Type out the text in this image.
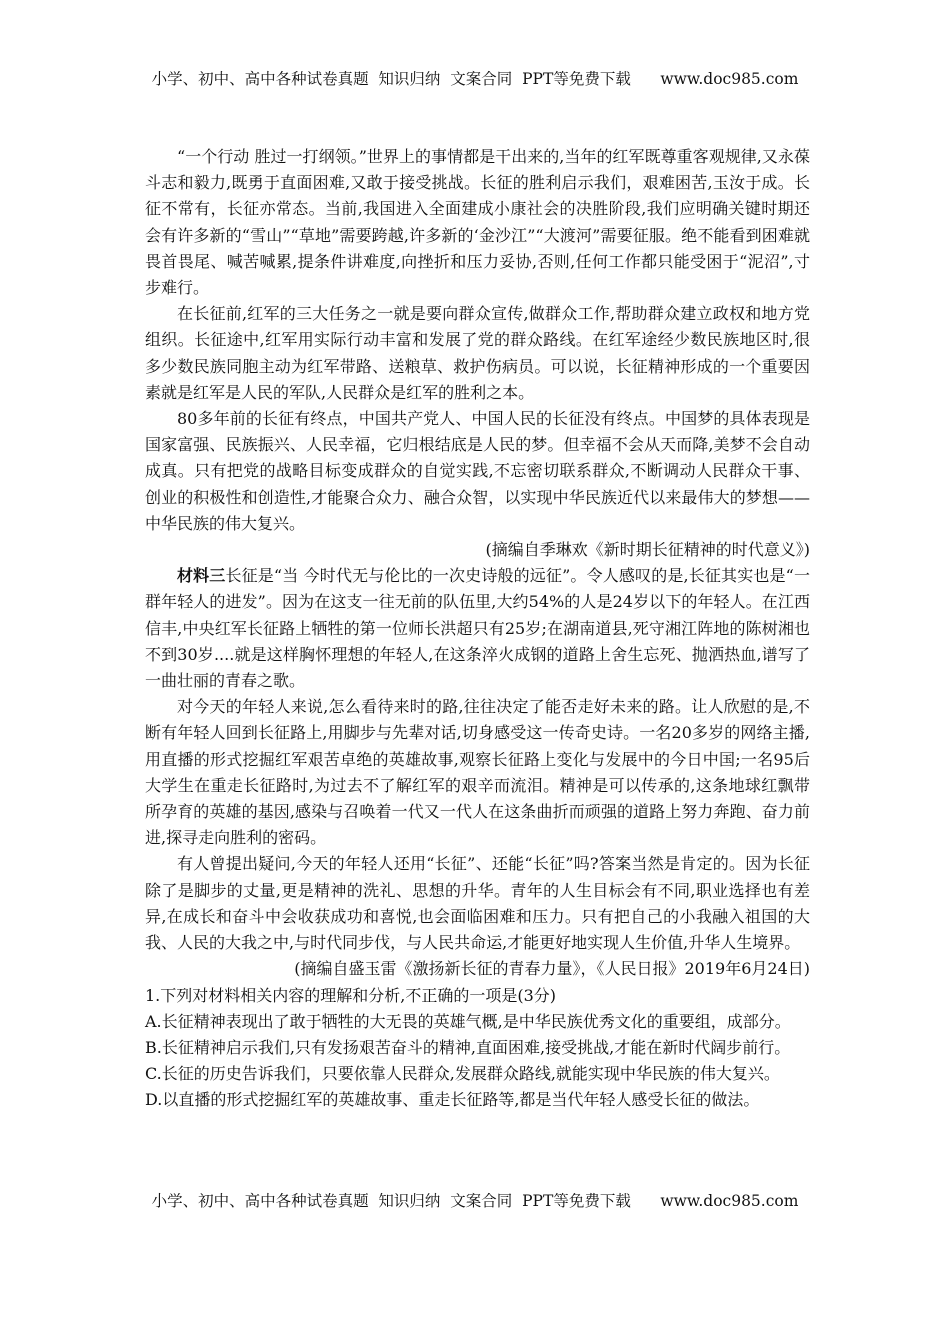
小学、初中、高中各种试卷真题  知识归纳  文案合同  PPT等免费下载      www.doc985.com

“一个行动 胜过一打纲领。”世界上的事情都是干出来的,当年的红军既尊重客观规律,又永葆斗志和毅力,既勇于直面困难,又敢于接受挑战。长征的胜利启示我们，艰难困苦,玉汝于成。长征不常有，长征亦常态。当前,我国进入全面建成小康社会的决胜阶段,我们应明确关键时期还会有许多新的“雪山”“草地”需要跨越,许多新的‘金沙江”“大渡河”需要征服。绝不能看到困难就畏首畏尾、喊苦喊累,提条件讲难度,向挫折和压力妥协,否则,任何工作都只能受困于“泥沼”,寸步难行。

在长征前,红军的三大任务之一就是要向群众宣传,做群众工作,帮助群众建立政权和地方党组织。长征途中,红军用实际行动丰富和发展了党的群众路线。在红军途经少数民族地区时,很多少数民族同胞主动为红军带路、送粮草、救护伤病员。可以说，长征精神形成的一个重要因素就是红军是人民的军队,人民群众是红军的胜利之本。

80多年前的长征有终点，中国共产党人、中国人民的长征没有终点。中国梦的具体表现是国家富强、民族振兴、人民幸福，它归根结底是人民的梦。但幸福不会从天而降,美梦不会自动成真。只有把党的战略目标变成群众的自觉实践,不忘密切联系群众,不断调动人民群众干事、创业的积极性和创造性,才能聚合众力、融合众智，以实现中华民族近代以来最伟大的梦想——中华民族的伟大复兴。

(摘编自季琳欢《新时期长征精神的时代意义》)

材料三长征是“当 今时代无与伦比的一次史诗般的远征”。令人感叹的是,长征其实也是“一群年轻人的进发”。因为在这支一往无前的队伍里,大约54%的人是24岁以下的年轻人。在江西信丰,中央红军长征路上牺牲的第一位师长洪超只有25岁;在湖南道县,死守湘江阵地的陈树湘也不到30岁....就是这样胸怀理想的年轻人,在这条淬火成钢的道路上舍生忘死、抛洒热血,谱写了一曲壮丽的青春之歌。

对今天的年轻人来说,怎么看待来时的路,往往决定了能否走好未来的路。让人欣慰的是,不断有年轻人回到长征路上,用脚步与先辈对话,切身感受这一传奇史诗。一名20多岁的网络主播,用直播的形式挖掘红军艰苦卓绝的英雄故事,观察长征路上变化与发展中的今日中国;一名95后大学生在重走长征路时,为过去不了解红军的艰辛而流泪。精神是可以传承的,这条地球红飘带所孕育的英雄的基因,感染与召唤着一代又一代人在这条曲折而顽强的道路上努力奔跑、奋力前进,探寻走向胜利的密码。

有人曾提出疑问,今天的年轻人还用“长征”、还能“长征”吗?答案当然是肯定的。因为长征除了是脚步的丈量,更是精神的洗礼、思想的升华。青年的人生目标会有不同,职业选择也有差异,在成长和奋斗中会收获成功和喜悦,也会面临困难和压力。只有把自己的小我融入祖国的大我、人民的大我之中,与时代同步伐，与人民共命运,才能更好地实现人生价值,升华人生境界。

(摘编自盛玉雷《激扬新长征的青春力量》，《人民日报》2019年6月24日)

1.下列对材料相关内容的理解和分析,不正确的一项是(3分)

A.长征精神表现出了敢于牺牲的大无畏的英雄气概,是中华民族优秀文化的重要组，成部分。

B.长征精神启示我们,只有发扬艰苦奋斗的精神,直面困难,接受挑战,才能在新时代阔步前行。

C.长征的历史告诉我们，只要依靠人民群众,发展群众路线,就能实现中华民族的伟大复兴。

D.以直播的形式挖掘红军的英雄故事、重走长征路等,都是当代年轻人感受长征的做法。

小学、初中、高中各种试卷真题  知识归纳  文案合同  PPT等免费下载      www.doc985.com
